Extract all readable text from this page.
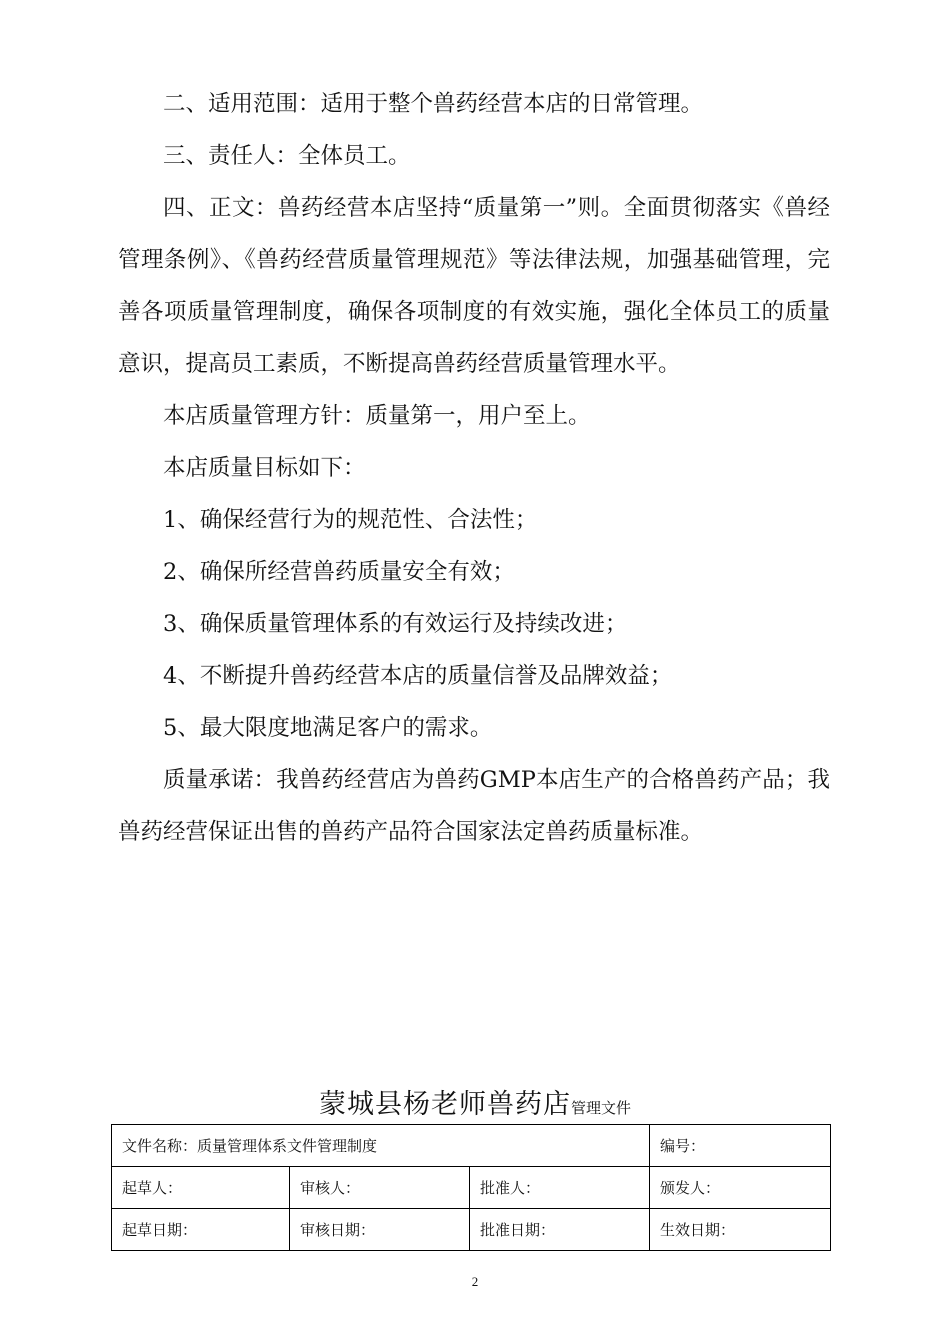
二、适用范围：适用于整个兽药经营本店的日常管理。

三、责任人：全体员工。

四、正文：兽药经营本店坚持“质量第一”则。全面贯彻落实《兽经管理条例》、《兽药经营质量管理规范》等法律法规，加强基础管理，完善各项质量管理制度，确保各项制度的有效实施，强化全体员工的质量意识，提高员工素质，不断提高兽药经营质量管理水平。

本店质量管理方针：质量第一，用户至上。

本店质量目标如下：

1、确保经营行为的规范性、合法性；

2、确保所经营兽药质量安全有效；

3、确保质量管理体系的有效运行及持续改进；

4、不断提升兽药经营本店的质量信誉及品牌效益；

5、最大限度地满足客户的需求。

质量承诺：我兽药经营店为兽药GMP本店生产的合格兽药产品；我兽药经营保证出售的兽药产品符合国家法定兽药质量标准。

蒙城县杨老师兽药店管理文件
文件名称：质量管理体系文件管理制度			编号：
起草人：	审核人：	批准人：	颁发人：
起草日期：	审核日期：	批准日期：	生效日期：
2
